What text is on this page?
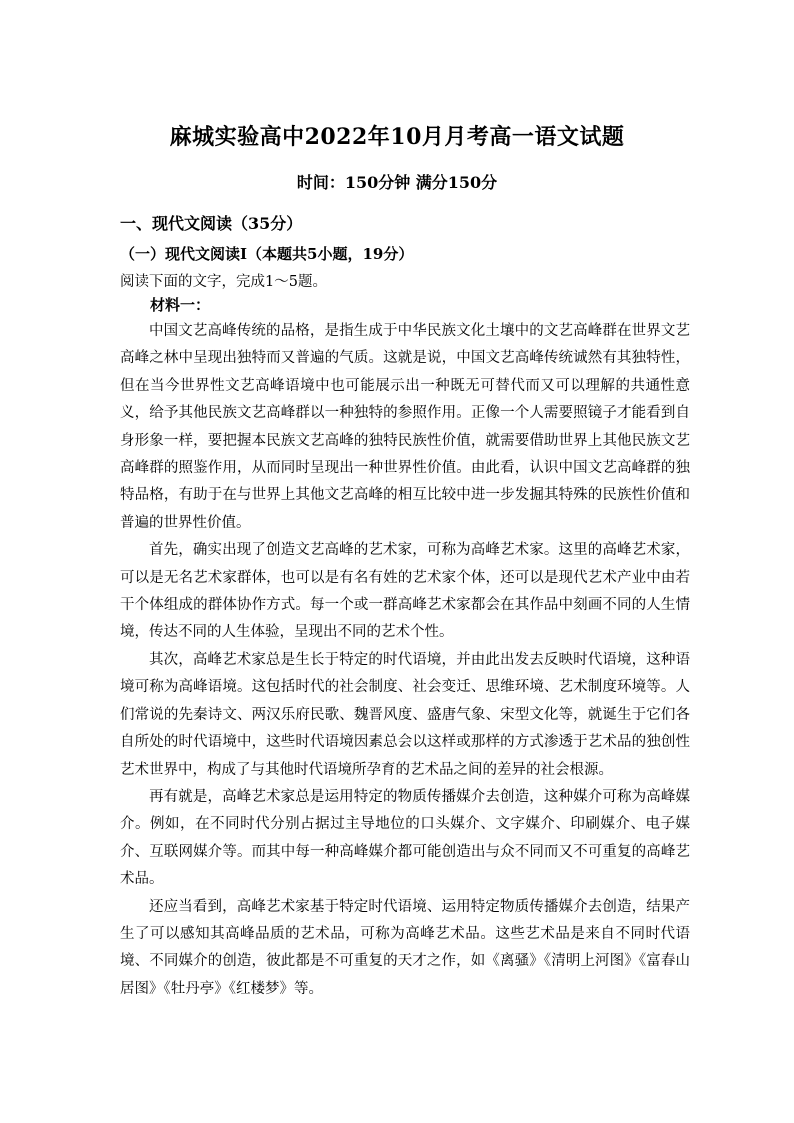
麻城实验高中2022年10月月考高一语文试题
时间：150分钟 满分150分
一、现代文阅读（35分）
（一）现代文阅读Ⅰ（本题共5小题，19分）
阅读下面的文字，完成1～5题。
材料一：

中国文艺高峰传统的品格，是指生成于中华民族文化土壤中的文艺高峰群在世界文艺高峰之林中呈现出独特而又普遍的气质。这就是说，中国文艺高峰传统诚然有其独特性，但在当今世界性文艺高峰语境中也可能展示出一种既无可替代而又可以理解的共通性意义，给予其他民族文艺高峰群以一种独特的参照作用。正像一个人需要照镜子才能看到自身形象一样，要把握本民族文艺高峰的独特民族性价值，就需要借助世界上其他民族文艺高峰群的照鉴作用，从而同时呈现出一种世界性价值。由此看，认识中国文艺高峰群的独特品格，有助于在与世界上其他文艺高峰的相互比较中进一步发掘其特殊的民族性价值和普遍的世界性价值。

首先，确实出现了创造文艺高峰的艺术家，可称为高峰艺术家。这里的高峰艺术家，可以是无名艺术家群体，也可以是有名有姓的艺术家个体，还可以是现代艺术产业中由若干个体组成的群体协作方式。每一个或一群高峰艺术家都会在其作品中刻画不同的人生情境，传达不同的人生体验，呈现出不同的艺术个性。

其次，高峰艺术家总是生长于特定的时代语境，并由此出发去反映时代语境，这种语境可称为高峰语境。这包括时代的社会制度、社会变迁、思维环境、艺术制度环境等。人们常说的先秦诗文、两汉乐府民歌、魏晋风度、盛唐气象、宋型文化等，就诞生于它们各自所处的时代语境中，这些时代语境因素总会以这样或那样的方式渗透于艺术品的独创性艺术世界中，构成了与其他时代语境所孕育的艺术品之间的差异的社会根源。

再有就是，高峰艺术家总是运用特定的物质传播媒介去创造，这种媒介可称为高峰媒介。例如，在不同时代分别占据过主导地位的口头媒介、文字媒介、印刷媒介、电子媒介、互联网媒介等。而其中每一种高峰媒介都可能创造出与众不同而又不可重复的高峰艺术品。

还应当看到，高峰艺术家基于特定时代语境、运用特定物质传播媒介去创造，结果产生了可以感知其高峰品质的艺术品，可称为高峰艺术品。这些艺术品是来自不同时代语境、不同媒介的创造，彼此都是不可重复的天才之作，如《离骚》《清明上河图》《富春山居图》《牡丹亭》《红楼梦》等。
